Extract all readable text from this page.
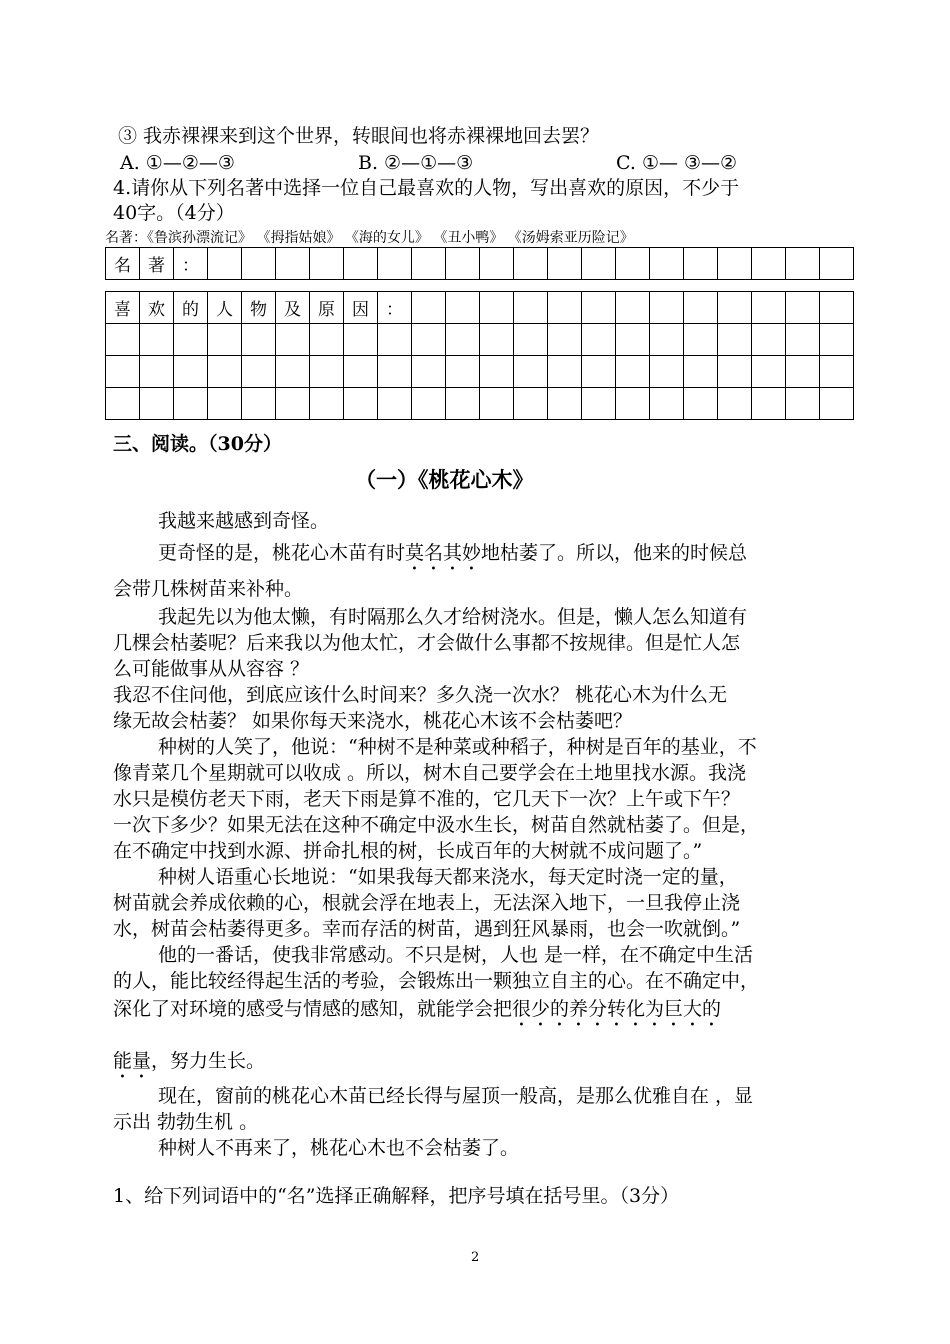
③ 我赤裸裸来到这个世界，转眼间也将赤裸裸地回去罢？
A. ①—②—③	B. ②—①—③	C. ①— ③—②
4.请你从下列名著中选择一位自己最喜欢的人物，写出喜欢的原因，不少于
40字。（4分）
名著：《鲁滨孙漂流记》 《拇指姑娘》 《海的女儿》 《丑小鸭》 《汤姆索亚历险记》
名	著	：																			
喜	欢	的	人	物	及	原	因	：													

三、阅读。（30分）
（一）《桃花心木》
我越来越感到奇怪。
更奇怪的是，桃花心木苗有时莫名其妙地枯萎了。所以，他来的时候总
会带几株树苗来补种。
我起先以为他太懒，有时隔那么久才给树浇水。但是，懒人怎么知道有
几棵会枯萎呢？后来我以为他太忙，才会做什么事都不按规律。但是忙人怎
么可能做事从从容容 ？
我忍不住问他，到底应该什么时间来？多久浇一次水？ 桃花心木为什么无
缘无故会枯萎？ 如果你每天来浇水，桃花心木该不会枯萎吧？
种树的人笑了，他说：“种树不是种菜或种稻子，种树是百年的基业，不
像青菜几个星期就可以收成 。所以，树木自己要学会在土地里找水源。我浇
水只是模仿老天下雨，老天下雨是算不准的，它几天下一次？上午或下午？
一次下多少？如果无法在这种不确定中汲水生长，树苗自然就枯萎了。但是，
在不确定中找到水源、拼命扎根的树，长成百年的大树就不成问题了。”
种树人语重心长地说：“如果我每天都来浇水，每天定时浇一定的量，
树苗就会养成依赖的心，根就会浮在地表上，无法深入地下，一旦我停止浇
水，树苗会枯萎得更多。幸而存活的树苗，遇到狂风暴雨，也会一吹就倒。”
他的一番话，使我非常感动。不只是树，人也 是一样，在不确定中生活
的人，能比较经得起生活的考验，会锻炼出一颗独立自主的心。在不确定中，
深化了对环境的感受与情感的感知，就能学会把很少的养分转化为巨大的
能量，努力生长。
现在，窗前的桃花心木苗已经长得与屋顶一般高，是那么优雅自在 ，显
示出 勃勃生机 。
种树人不再来了，桃花心木也不会枯萎了。
1、给下列词语中的“名”选择正确解释，把序号填在括号里。（3分）
2
